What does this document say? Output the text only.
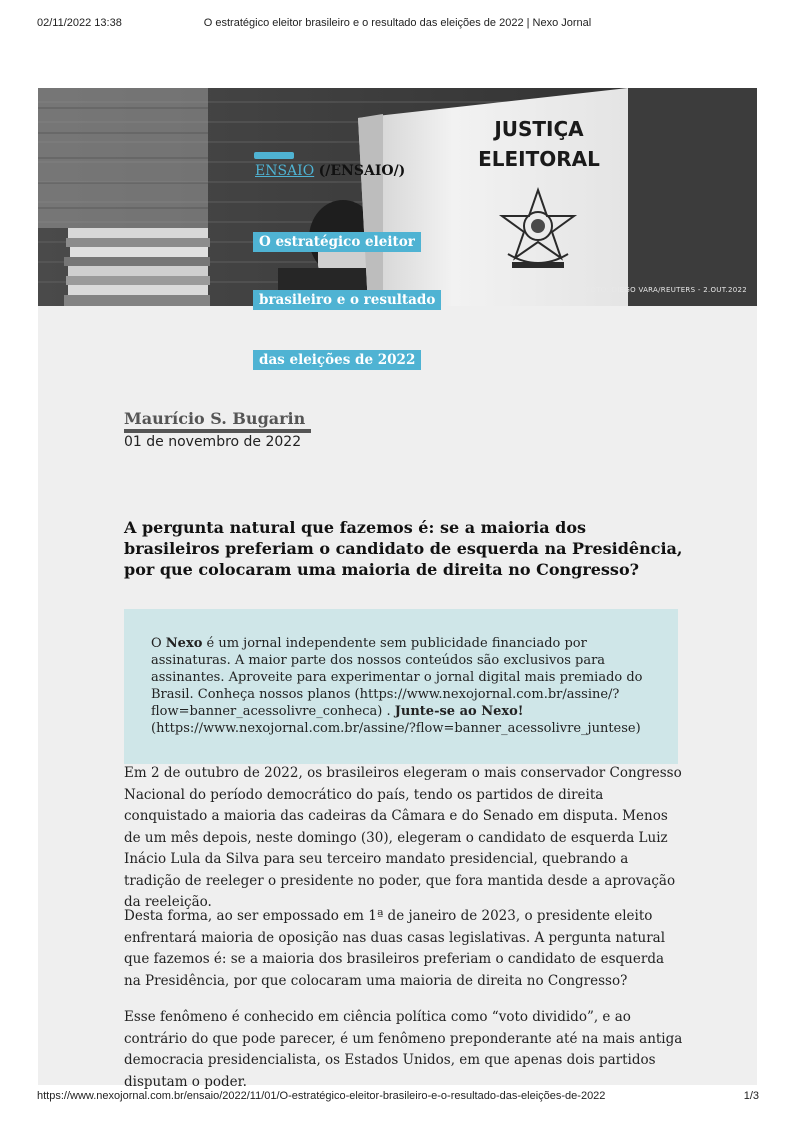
02/11/2022 13:38	O estratégico eleitor brasileiro e o resultado das eleições de 2022 | Nexo Jornal
JUSTIÇA
ELEITORAL
FOTO: DIEGO VARA/REUTERS - 2.OUT.2022
ENSAIO (/ENSAIO/)
O estratégico eleitor
brasileiro e o resultado
das eleições de 2022
Maurício S. Bugarin
01 de novembro de 2022
A pergunta natural que fazemos é: se a maioria dos brasileiros preferiam o candidato de esquerda na Presidência, por que colocaram uma maioria de direita no Congresso?
O Nexo é um jornal independente sem publicidade financiado por assinaturas. A maior parte dos nossos conteúdos são exclusivos para assinantes. Aproveite para experimentar o jornal digital mais premiado do Brasil. Conheça nossos planos (https://www.nexojornal.com.br/assine/?flow=banner_acessolivre_conheca) . Junte-se ao Nexo!
(https://www.nexojornal.com.br/assine/?flow=banner_acessolivre_juntese)

Em 2 de outubro de 2022, os brasileiros elegeram o mais conservador Congresso Nacional do período democrático do país, tendo os partidos de direita conquistado a maioria das cadeiras da Câmara e do Senado em disputa. Menos de um mês depois, neste domingo (30), elegeram o candidato de esquerda Luiz Inácio Lula da Silva para seu terceiro mandato presidencial, quebrando a tradição de reeleger o presidente no poder, que fora mantida desde a aprovação da reeleição.

Desta forma, ao ser empossado em 1ª de janeiro de 2023, o presidente eleito enfrentará maioria de oposição nas duas casas legislativas. A pergunta natural que fazemos é: se a maioria dos brasileiros preferiam o candidato de esquerda na Presidência, por que colocaram uma maioria de direita no Congresso?

Esse fenômeno é conhecido em ciência política como “voto dividido”, e ao contrário do que pode parecer, é um fenômeno preponderante até na mais antiga democracia presidencialista, os Estados Unidos, em que apenas dois partidos disputam o poder.

https://www.nexojornal.com.br/ensaio/2022/11/01/O-estratégico-eleitor-brasileiro-e-o-resultado-das-eleições-de-2022	1/3
